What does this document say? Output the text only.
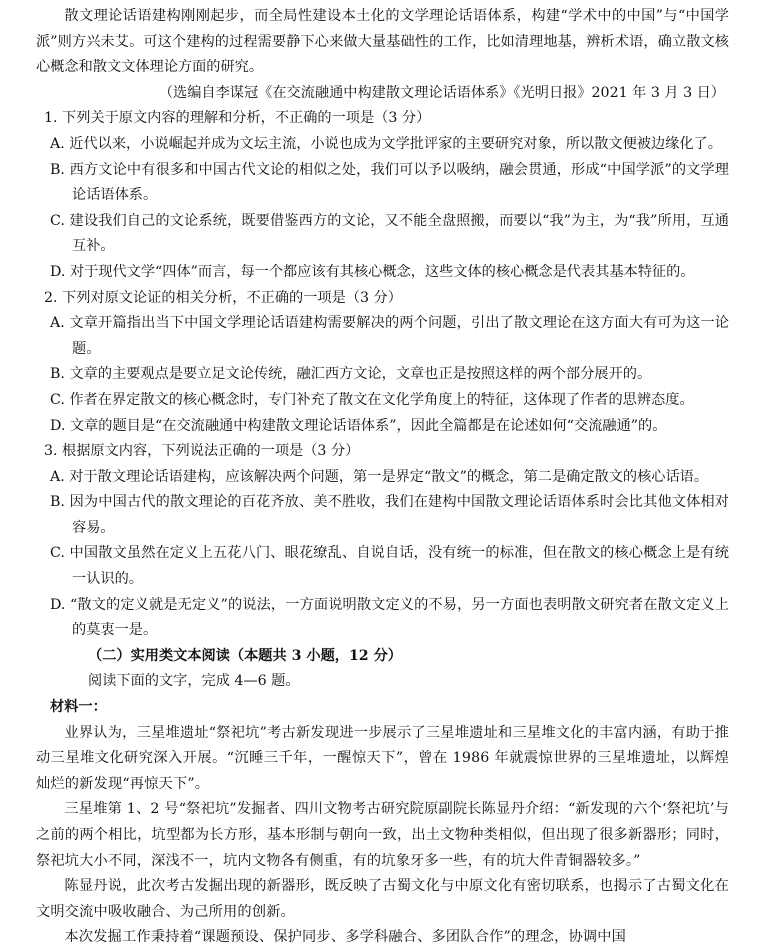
散文理论话语建构刚刚起步，而全局性建设本土化的文学理论话语体系，构建“学术中的中国”与“中国学派”则方兴未艾。可这个建构的过程需要静下心来做大量基础性的工作，比如清理地基，辨析术语，确立散文核心概念和散文文体理论方面的研究。

（选编自李谋冠《在交流融通中构建散文理论话语体系》《光明日报》2021 年 3 月 3 日）

1. 下列关于原文内容的理解和分析，不正确的一项是（3 分）

A. 近代以来，小说崛起并成为文坛主流，小说也成为文学批评家的主要研究对象，所以散文便被边缘化了。

B. 西方文论中有很多和中国古代文论的相似之处，我们可以予以吸纳，融会贯通，形成“中国学派”的文学理论话语体系。

C. 建设我们自己的文论系统，既要借鉴西方的文论，又不能全盘照搬，而要以“我”为主，为“我”所用，互通互补。

D. 对于现代文学“四体”而言，每一个都应该有其核心概念，这些文体的核心概念是代表其基本特征的。

2. 下列对原文论证的相关分析，不正确的一项是（3 分）

A. 文章开篇指出当下中国文学理论话语建构需要解决的两个问题，引出了散文理论在这方面大有可为这一论题。

B. 文章的主要观点是要立足文论传统，融汇西方文论，文章也正是按照这样的两个部分展开的。

C. 作者在界定散文的核心概念时，专门补充了散文在文化学角度上的特征，这体现了作者的思辨态度。

D. 文章的题目是“在交流融通中构建散文理论话语体系”，因此全篇都是在论述如何“交流融通”的。

3. 根据原文内容，下列说法正确的一项是（3 分）

A. 对于散文理论话语建构，应该解决两个问题，第一是界定“散文”的概念，第二是确定散文的核心话语。

B. 因为中国古代的散文理论的百花齐放、美不胜收，我们在建构中国散文理论话语体系时会比其他文体相对容易。

C. 中国散文虽然在定义上五花八门、眼花缭乱、自说自话，没有统一的标准，但在散文的核心概念上是有统一认识的。

D. “散文的定义就是无定义”的说法，一方面说明散文定义的不易，另一方面也表明散文研究者在散文定义上的莫衷一是。

（二）实用类文本阅读（本题共 3 小题，12 分）

阅读下面的文字，完成 4—6 题。

材料一：

业界认为，三星堆遗址“祭祀坑”考古新发现进一步展示了三星堆遗址和三星堆文化的丰富内涵，有助于推动三星堆文化研究深入开展。“沉睡三千年，一醒惊天下”，曾在 1986 年就震惊世界的三星堆遗址，以辉煌灿烂的新发现“再惊天下”。

三星堆第 1、2 号“祭祀坑”发掘者、四川文物考古研究院原副院长陈显丹介绍：“新发现的六个‘祭祀坑’与之前的两个相比，坑型都为长方形，基本形制与朝向一致，出土文物种类相似，但出现了很多新器形；同时，祭祀坑大小不同，深浅不一，坑内文物各有侧重，有的坑象牙多一些，有的坑大件青铜器较多。”

陈显丹说，此次考古发掘出现的新器形，既反映了古蜀文化与中原文化有密切联系，也揭示了古蜀文化在文明交流中吸收融合、为己所用的创新。

本次发掘工作秉持着“课题预设、保护同步、多学科融合、多团队合作”的理念，协调中国
